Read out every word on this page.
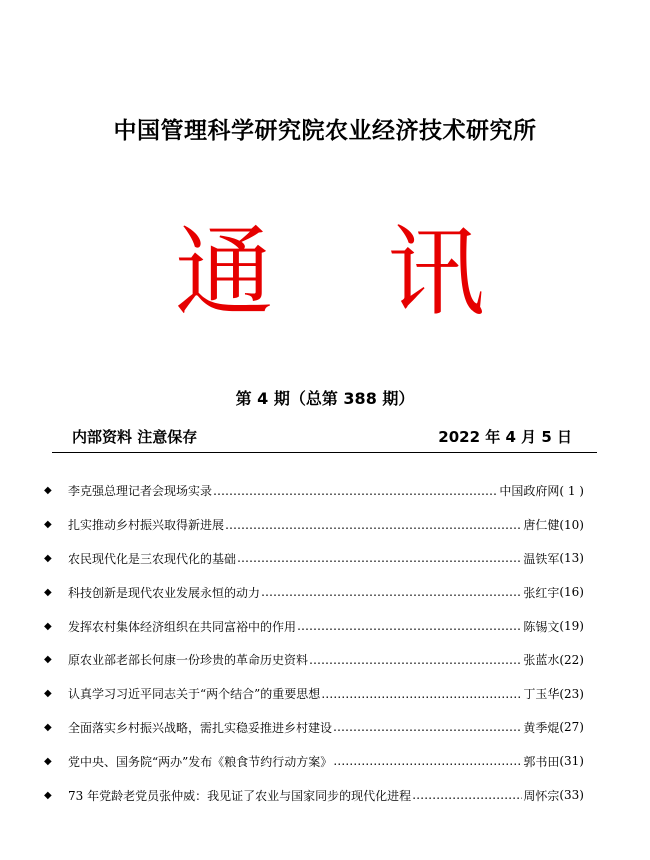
中国管理科学研究院农业经济技术研究所
通 讯
第 4 期（总第 388 期）
内部资料 注意保存	2022 年 4 月 5 日
◆ 李克强总理记者会现场实录 ……………………………………………………………………………………………………………………………………………………………………………………………………………………	中国政府网 ( 1 )
◆ 扎实推动乡村振兴取得新进展 ……………………………………………………………………………………………………………………………………………………………………………………………………………………	唐仁健 (10)
◆ 农民现代化是三农现代化的基础 ……………………………………………………………………………………………………………………………………………………………………………………………………………………	温铁军 (13)
◆ 科技创新是现代农业发展永恒的动力 ……………………………………………………………………………………………………………………………………………………………………………………………………………………	张红宇 (16)
◆ 发挥农村集体经济组织在共同富裕中的作用 ……………………………………………………………………………………………………………………………………………………………………………………………………………………	陈锡文 (19)
◆ 原农业部老部长何康一份珍贵的革命历史资料 ……………………………………………………………………………………………………………………………………………………………………………………………………………………	张蓝水 (22)
◆ 认真学习习近平同志关于“两个结合”的重要思想 ……………………………………………………………………………………………………………………………………………………………………………………………………………………	丁玉华 (23)
◆ 全面落实乡村振兴战略，需扎实稳妥推进乡村建设 ……………………………………………………………………………………………………………………………………………………………………………………………………………………	黄季焜 (27)
◆ 党中央、国务院“两办”发布《粮食节约行动方案》 ……………………………………………………………………………………………………………………………………………………………………………………………………………………	郭书田 (31)
◆ 73 年党龄老党员张仲威：我见证了农业与国家同步的现代化进程 ……………………………………………………………………………………………………………………………………………………………………………………………………………………	周怀宗 (33)
